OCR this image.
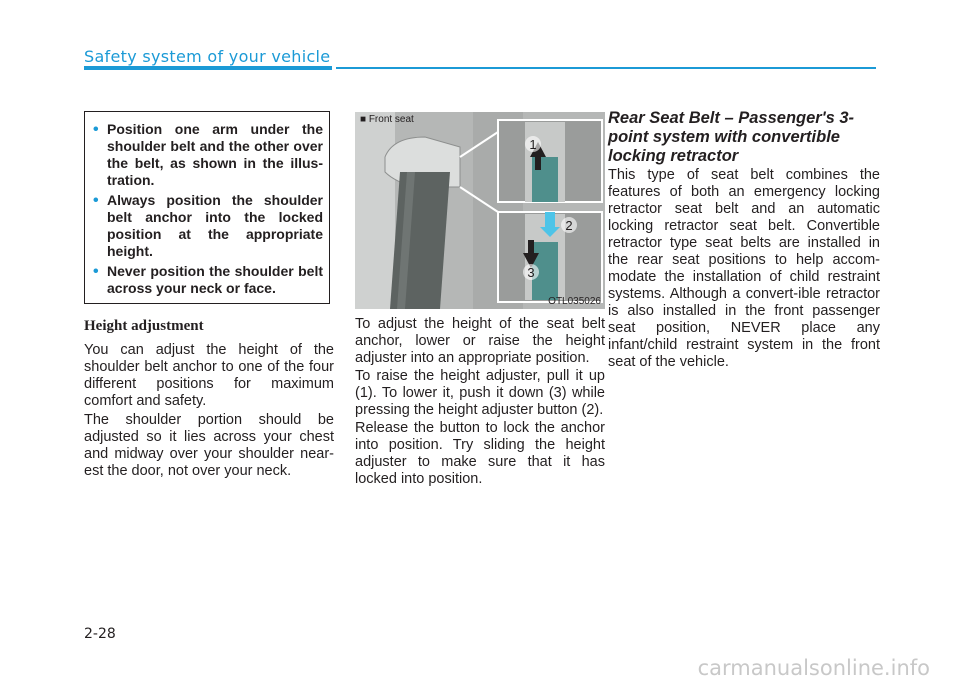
Safety system of your vehicle
• Position one arm under the shoulder belt and the other over the belt, as shown in the illus-tration.
• Always position the shoulder belt anchor into the locked position at the appropriate height.
• Never position the shoulder belt across your neck or face.
Height adjustment

You can adjust the height of the shoulder belt anchor to one of the four different positions for maximum comfort and safety.

The shoulder portion should be adjusted so it lies across your chest and midway over your shoulder near-est the door, not over your neck.

1
2
3
■ Front seat
OTL035026

To adjust the height of the seat belt anchor, lower or raise the height adjuster into an appropriate position.

To raise the height adjuster, pull it up (1). To lower it, push it down (3) while pressing the height adjuster button (2).

Release the button to lock the anchor into position. Try sliding the height adjuster to make sure that it has locked into position.

Rear Seat Belt – Passenger's 3-point system with convertible locking retractor

This type of seat belt combines the features of both an emergency locking retractor seat belt and an automatic locking retractor seat belt. Convertible retractor type seat belts are installed in the rear seat positions to help accom-modate the installation of child restraint systems. Although a convert-ible retractor is also installed in the front passenger seat position, NEVER place any infant/child restraint system in the front seat of the vehicle.

2-28
carmanualsonline.info
